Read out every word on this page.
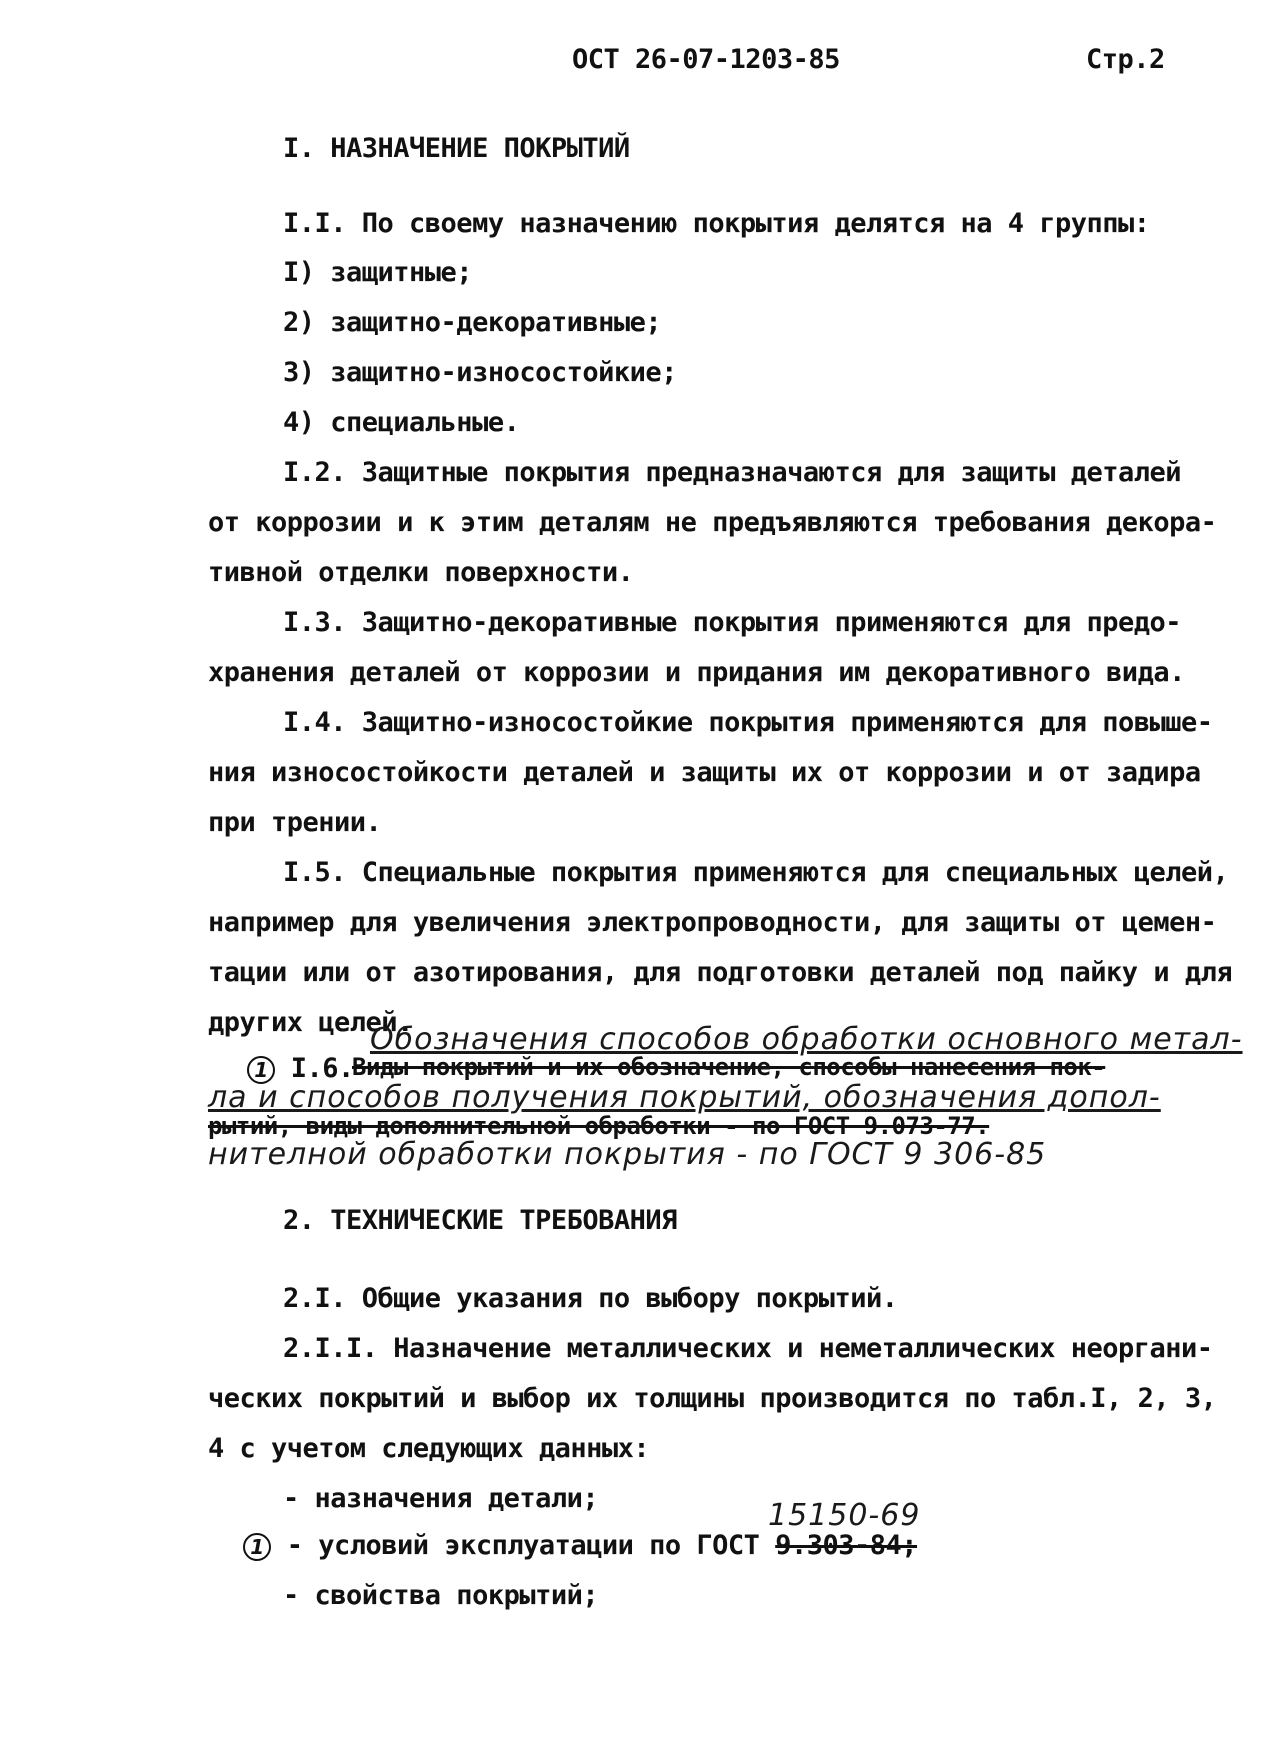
ОСТ 26-07-1203-85	Стр.2
I. НАЗНАЧЕНИЕ ПОКРЫТИЙ
I.I. По своему назначению покрытия делятся на 4 группы:
I) защитные;
2) защитно-декоративные;
3) защитно-износостойкие;
4) специальные.
I.2. Защитные покрытия предназначаются для защиты деталей
от коррозии и к этим деталям не предъявляются требования декора-
тивной отделки поверхности.
I.3. Защитно-декоративные покрытия применяются для предо-
хранения деталей от коррозии и придания им декоративного вида.
I.4. Защитно-износостойкие покрытия применяются для повыше-
ния износостойкости деталей и защиты их от коррозии и от задира
при трении.
I.5. Специальные покрытия применяются для специальных целей,
например для увеличения электропроводности, для защиты от цемен-
тации или от азотирования, для подготовки деталей под пайку и для
других целей.
Обозначения способов обработки основного метал-
1 I.6.
Виды покрытий и их обозначение, способы нанесения пок-
ла и способов получения покрытий, обозначения допол-
рытий, виды дополнительной обработки - по ГОСТ 9.073-77.
нителной обработки покрытия - по ГОСТ 9 306-85
2. ТЕХНИЧЕСКИЕ ТРЕБОВАНИЯ
2.I. Общие указания по выбору покрытий.
2.I.I. Назначение металлических и неметаллических неоргани-
ческих покрытий и выбор их толщины производится по табл.I, 2, 3,
4 с учетом следующих данных:
- назначения детали;	15150-69
1 - условий эксплуатации по ГОСТ 9.303-84;
- свойства покрытий;
